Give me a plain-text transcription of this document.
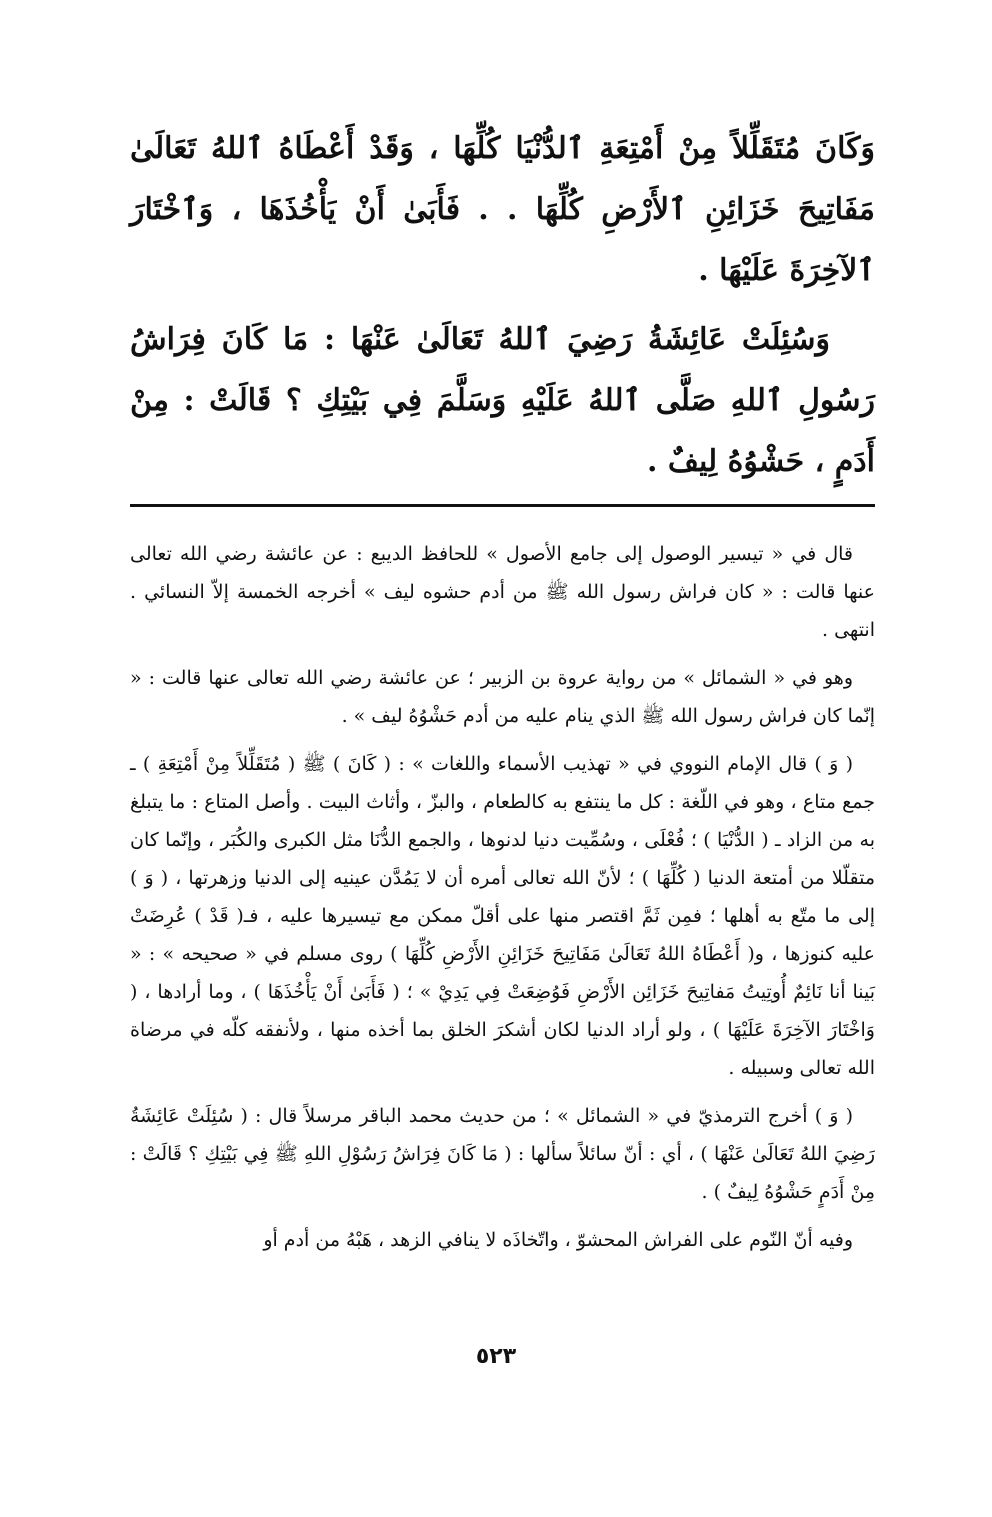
وَكَانَ مُتَقَلِّلاً مِنْ أَمْتِعَةِ ٱلدُّنْيَا كُلِّهَا ، وَقَدْ أَعْطَاهُ ٱللهُ تَعَالَىٰ مَفَاتِيحَ خَزَائِنِ ٱلأَرْضِ كُلِّهَا . . فَأَبَىٰ أَنْ يَأْخُذَهَا ، وَٱخْتَارَ ٱلآخِرَةَ عَلَيْهَا .

وَسُئِلَتْ عَائِشَةُ رَضِيَ ٱللهُ تَعَالَىٰ عَنْهَا : مَا كَانَ فِرَاشُ رَسُولِ ٱللهِ صَلَّى ٱللهُ عَلَيْهِ وَسَلَّمَ فِي بَيْتِكِ ؟ قَالَتْ : مِنْ أَدَمٍ ، حَشْوُهُ لِيفٌ .

قال في « تيسير الوصول إلى جامع الأصول » للحافظ الديبع : عن عائشة رضي الله تعالى عنها قالت : « كان فراش رسول الله ﷺ من أدم حشوه ليف » أخرجه الخمسة إلاّ النسائي . انتهى .

وهو في « الشمائل » من رواية عروة بن الزبير ؛ عن عائشة رضي الله تعالى عنها قالت : « إنّما كان فراش رسول الله ﷺ الذي ينام عليه من أدم حَشْوُهُ ليف » .

( وَ ) قال الإمام النووي في « تهذيب الأسماء واللغات » : ( كَانَ ) ﷺ ( مُتَقَلِّلاً مِنْ أَمْتِعَةِ ) ـ جمع متاع ، وهو في اللّغة : كل ما ينتفع به كالطعام ، والبزّ ، وأثاث البيت . وأصل المتاع : ما يتبلغ به من الزاد ـ ( الدُّنْيَا ) ؛ فُعْلَى ، وسُمِّيت دنيا لدنوها ، والجمع الدُّنَا مثل الكبرى والكُبَر ، وإنّما كان متقلّلا من أمتعة الدنيا ( كُلِّهَا ) ؛ لأنّ الله تعالى أمره أن لا يَمُدَّن عينيه إلى الدنيا وزهرتها ، ( وَ ) إلى ما متّع به أهلها ؛ فمِن ثَمَّ اقتصر منها على أقلّ ممكن مع تيسيرها عليه ، فـ( قَدْ ) عُرِضَتْ عليه كنوزها ، و( أَعْطَاهُ اللهُ تَعَالَىٰ مَفَاتِيحَ خَزَائِنِ الأَرْضِ كُلِّهَا ) روى مسلم في « صحيحه » : « بَينا أنا نَائِمٌ أُوتِيتُ مَفاتِيحَ خَزَائِن الأَرْضِ فَوُضِعَتْ فِي يَدِيْ » ؛ ( فَأَبَىٰ أَنْ يَأْخُذَهَا ) ، وما أرادها ، ( وَاخْتَارَ الآخِرَةَ عَلَيْهَا ) ، ولو أراد الدنيا لكان أشكرَ الخلق بما أخذه منها ، ولأنفقه كلّه في مرضاة الله تعالى وسبيله .

( وَ ) أخرج الترمذيّ في « الشمائل » ؛ من حديث محمد الباقر مرسلاً قال : ( سُئِلَتْ عَائِشَةُ رَضِيَ اللهُ تَعَالَىٰ عَنْهَا ) ، أي : أنّ سائلاً سألها : ( مَا كَانَ فِرَاشُ رَسُوْلِ اللهِ ﷺ فِي بَيْتِكِ ؟ قَالَتْ : مِنْ أَدَمٍ حَشْوُهُ لِيفٌ ) .

وفيه أنّ النّوم على الفراش المحشوّ ، واتّخاذَه لا ينافي الزهد ، هَبْهُ من أدم أو

٥٢٣
